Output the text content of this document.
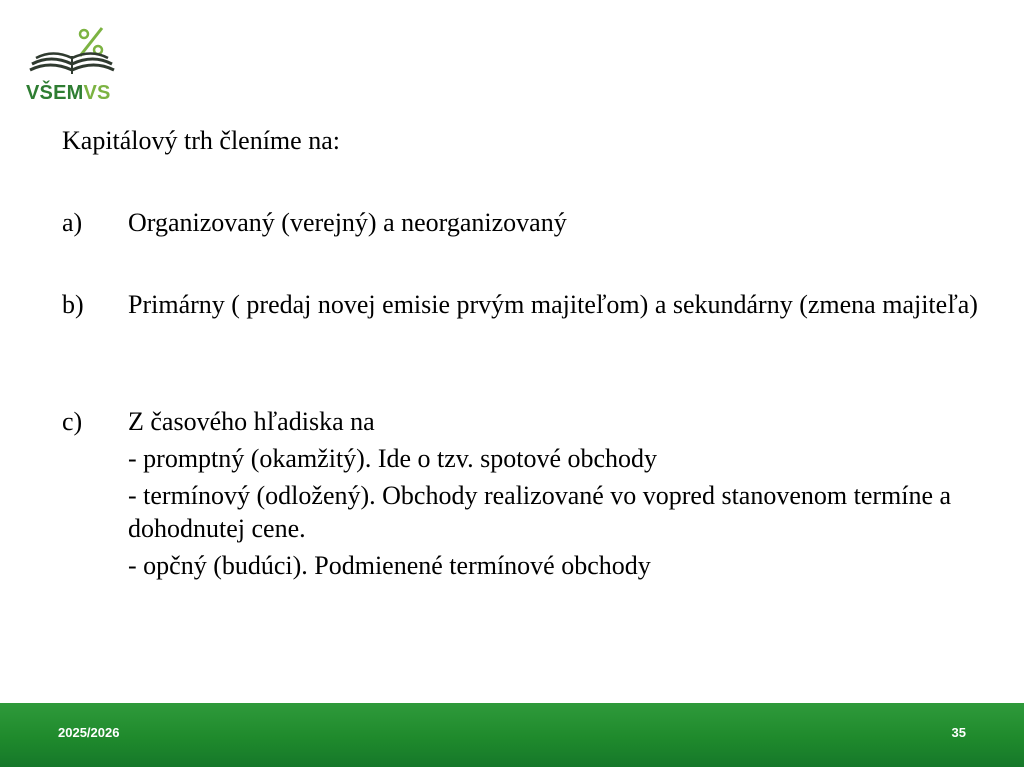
VŠEMVS
Kapitálový trh členíme na:
a) Organizovaný (verejný) a neorganizovaný
b) Primárny ( predaj novej emisie prvým majiteľom) a sekundárny (zmena majiteľa)
c) Z časového hľadiska na
- promptný (okamžitý). Ide o tzv. spotové obchody
- termínový (odložený). Obchody realizované vo vopred stanovenom termíne a dohodnutej cene.
- opčný (budúci). Podmienené termínové obchody
2025/2026	35
